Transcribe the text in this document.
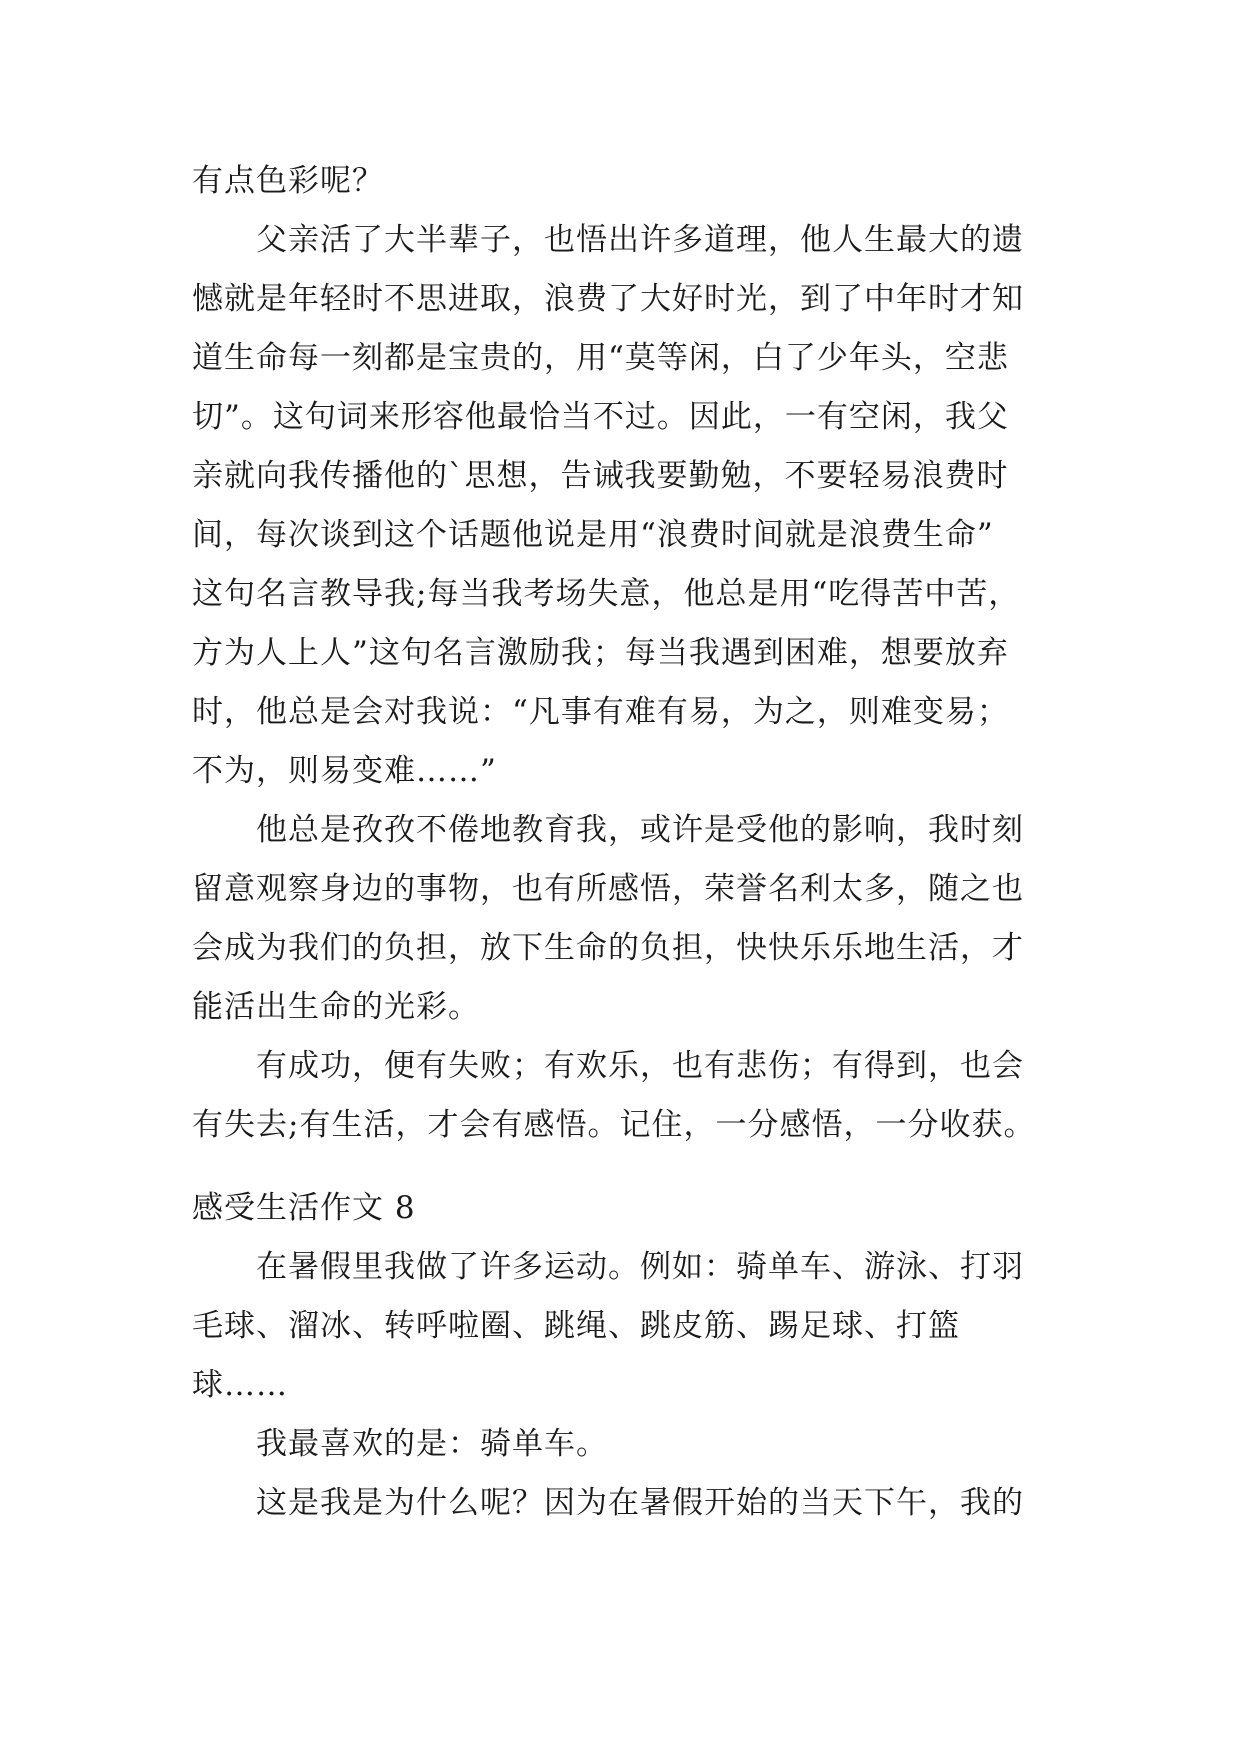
有点色彩呢？
父亲活了大半辈子，也悟出许多道理，他人生最大的遗
憾就是年轻时不思进取，浪费了大好时光，到了中年时才知
道生命每一刻都是宝贵的，用“莫等闲，白了少年头，空悲
切”。这句词来形容他最恰当不过。因此，一有空闲，我父
亲就向我传播他的`思想，告诫我要勤勉，不要轻易浪费时
间，每次谈到这个话题他说是用“浪费时间就是浪费生命”
这句名言教导我;每当我考场失意，他总是用“吃得苦中苦，
方为人上人”这句名言激励我；每当我遇到困难，想要放弃
时，他总是会对我说：“凡事有难有易，为之，则难变易；
不为，则易变难……”
他总是孜孜不倦地教育我，或许是受他的影响，我时刻
留意观察身边的事物，也有所感悟，荣誉名利太多，随之也
会成为我们的负担，放下生命的负担，快快乐乐地生活，才
能活出生命的光彩。
有成功，便有失败；有欢乐，也有悲伤；有得到，也会
有失去;有生活，才会有感悟。记住，一分感悟，一分收获。
感受生活作文 8
在暑假里我做了许多运动。例如：骑单车、游泳、打羽
毛球、溜冰、转呼啦圈、跳绳、跳皮筋、踢足球、打篮
球……
我最喜欢的是：骑单车。
这是我是为什么呢？因为在暑假开始的当天下午，我的
